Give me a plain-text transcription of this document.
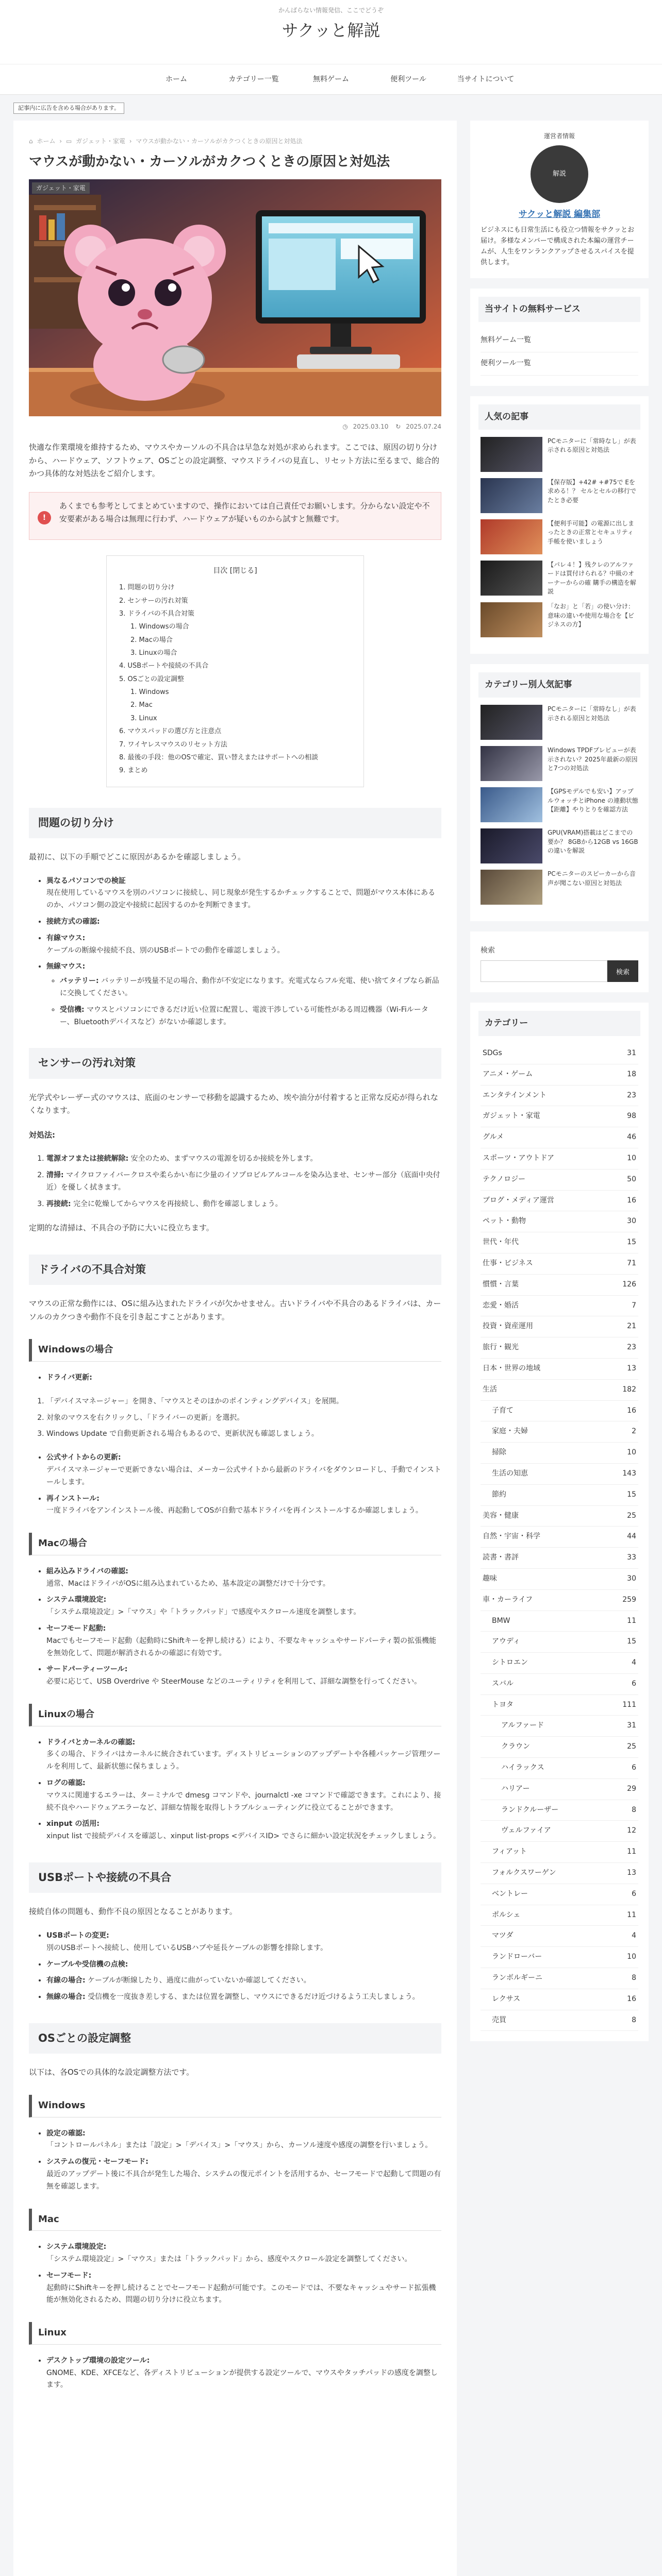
かんばらない情報発信、ここでどうぞ
サクッと解説
ホーム	カテゴリー一覧	無料ゲーム	便利ツール	当サイトについて
記事内に広告を含める場合があります。
⌂ ホーム › ▭ ガジェット・家電 › マウスが動かない・カーソルがカクつくときの原因と対処法
マウスが動かない・カーソルがカクつくときの原因と対処法
ガジェット・家電
◷ 2025.03.10 ↻ 2025.07.24

快適な作業環境を維持するため、マウスやカーソルの不具合は早急な対処が求められます。ここでは、原因の切り分けから、ハードウェア、ソフトウェア、OSごとの設定調整、マウスドライバの見直し、リセット方法に至るまで、総合的かつ具体的な対処法をご紹介します。

!

あくまでも参考としてまとめていますので、操作においては自己責任でお願いします。分からない設定や不安要素がある場合は無理に行わず、ハードウェアが疑いものから試すと無難です。

目次 [閉じる]
1. 問題の切り分け
2. センサーの汚れ対策
3. ドライバの不具合対策
1. Windowsの場合
2. Macの場合
3. Linuxの場合
4. USBポートや接続の不具合
5. OSごとの設定調整
1. Windows
2. Mac
3. Linux
6. マウスパッドの選び方と注意点
7. ワイヤレスマウスのリセット方法
8. 最後の手段：他のOSで確定、買い替えまたはサポートへの相談
9. まとめ
問題の切り分け

最初に、以下の手順でどこに原因があるかを確認しましょう。

• 異なるパソコンでの検証
現在使用しているマウスを別のパソコンに接続し、同じ現象が発生するかチェックすることで、問題がマウス本体にあるのか、パソコン側の設定や接続に起因するのかを判断できます。
• 接続方式の確認:
• 有線マウス:
ケーブルの断線や接続不良、別のUSBポートでの動作を確認しましょう。
• 無線マウス:
◦ バッテリー: バッテリーが残量不足の場合、動作が不安定になります。充電式ならフル充電、使い捨てタイプなら新品に交換してください。
◦ 受信機: マウスとパソコンにできるだけ近い位置に配置し、電波干渉している可能性がある周辺機器（Wi-Fiルーター、Bluetoothデバイスなど）がないか確認します。
センサーの汚れ対策

光学式やレーザー式のマウスは、底面のセンサーで移動を認識するため、埃や油分が付着すると正常な反応が得られなくなります。

対処法:

1. 電源オフまたは接続解除: 安全のため、まずマウスの電源を切るか接続を外します。
2. 清掃: マイクロファイバークロスや柔らかい布に少量のイソプロピルアルコールを染み込ませ、センサー部分（底面中央付近）を優しく拭きます。
3. 再接続: 完全に乾燥してからマウスを再接続し、動作を確認しましょう。

定期的な清掃は、不具合の予防に大いに役立ちます。

ドライバの不具合対策

マウスの正常な動作には、OSに組み込まれたドライバが欠かせません。古いドライバや不具合のあるドライバは、カーソルのカクつきや動作不良を引き起こすことがあります。

Windowsの場合
• ドライバ更新:
1. 「デバイスマネージャー」を開き、「マウスとそのほかのポインティングデバイス」を展開。
2. 対象のマウスを右クリックし、「ドライバーの更新」を選択。
3. Windows Update で自動更新される場合もあるので、更新状況も確認しましょう。
• 公式サイトからの更新:
デバイスマネージャーで更新できない場合は、メーカー公式サイトから最新のドライバをダウンロードし、手動でインストールします。
• 再インストール:
一度ドライバをアンインストール後、再起動してOSが自動で基本ドライバを再インストールするか確認しましょう。
Macの場合
• 組み込みドライバの確認:
通常、MacはドライバがOSに組み込まれているため、基本設定の調整だけで十分です。
• システム環境設定:
「システム環境設定」>「マウス」や「トラックパッド」で感度やスクロール速度を調整します。
• セーフモード起動:
Macでもセーフモード起動（起動時にShiftキーを押し続ける）により、不要なキャッシュやサードパーティ製の拡張機能を無効化して、問題が解消されるかの確認に有効です。
• サードパーティーツール:
必要に応じて、USB Overdrive や SteerMouse などのユーティリティを利用して、詳細な調整を行ってください。
Linuxの場合
• ドライバとカーネルの確認:
多くの場合、ドライバはカーネルに統合されています。ディストリビューションのアップデートや各種パッケージ管理ツールを利用して、最新状態に保ちましょう。
• ログの確認:
マウスに関連するエラーは、ターミナルで dmesg コマンドや、journalctl -xe コマンドで確認できます。これにより、接続不良やハードウェアエラーなど、詳細な情報を取得しトラブルシューティングに役立てることができます。
• xinput の活用:
xinput list で接続デバイスを確認し、xinput list-props <デバイスID> でさらに細かい設定状況をチェックしましょう。
USBポートや接続の不具合

接続自体の問題も、動作不良の原因となることがあります。

• USBポートの変更:
別のUSBポートへ接続し、使用しているUSBハブや延長ケーブルの影響を排除します。
• ケーブルや受信機の点検:
• 有線の場合: ケーブルが断線したり、過度に曲がっていないか確認してください。
• 無線の場合: 受信機を一度抜き差しする、または位置を調整し、マウスにできるだけ近づけるよう工夫しましょう。
OSごとの設定調整

以下は、各OSでの具体的な設定調整方法です。

Windows
• 設定の確認:
「コントロールパネル」または「設定」>「デバイス」>「マウス」から、カーソル速度や感度の調整を行いましょう。
• システムの復元・セーフモード:
最近のアップデート後に不具合が発生した場合、システムの復元ポイントを活用するか、セーフモードで起動して問題の有無を確認します。
Mac
• システム環境設定:
「システム環境設定」>「マウス」または「トラックパッド」から、感度やスクロール設定を調整してください。
• セーフモード:
起動時にShiftキーを押し続けることでセーフモード起動が可能です。このモードでは、不要なキャッシュやサード拡張機能が無効化されるため、問題の切り分けに役立ちます。
Linux
• デスクトップ環境の設定ツール:
GNOME、KDE、XFCEなど、各ディストリビューションが提供する設定ツールで、マウスやタッチパッドの感度を調整します。
運営者情報
解説
サクッと解説 編集部
ビジネスにも日常生活にも役立つ情報をサクッとお届け。多様なメンバーで構成された本編の運営チームが、人生をワンランクアップさせるスパイスを提供します。
当サイトの無料サービス
無料ゲーム一覧
便利ツール一覧
人気の記事
PCモニターに「常時なし」が表示される原因と対処法
【保存版】+42# +#75で Eを求める！？ セルとセルの移行でたとき必要
【便利手可能】の電源に出しまったときの正常とセキュリティ手帳を使いましょう
【パレ４！】残クレのアルファードは買付けられる？中級のオーナーからの確 購手の構造を解説
「なお」と「若」の使い分け：意味の違いや使用な場合を【ビジネスの方】
カテゴリー別人気記事
PCモニターに「常時なし」が表示される原因と対処法
Windows TPDFプレビューが表示されない？2025年最新の原因と7つの対処法
【GPSモデルでも安い】アップルウォッチとiPhone の連動状態【距離】やりとりを確認方法
GPU(VRAM)搭載はどこまでの要か？ 8GBから12GB vs 16GBの違いを解説
PCモニターのスピーカーから音声が聞こない原因と対処法
検索
検索
カテゴリー
SDGs	31
アニメ・ゲーム	18
エンタテインメント	23
ガジェット・家電	98
グルメ	46
スポーツ・アウトドア	10
テクノロジー	50
ブログ・メディア運営	16
ペット・動物	30
世代・年代	15
仕事・ビジネス	71
慣慣・言葉	126
恋愛・婚活	7
投資・資産運用	21
旅行・観光	23
日本・世界の地域	13
生活	182
子育て	16
家庭・夫婦	2
掃除	10
生活の知恵	143
節約	15
美容・健康	25
自然・宇宙・科学	44
読書・書評	33
趣味	30
車・カーライフ	259
BMW	11
アウディ	15
シトロエン	4
スバル	6
トヨタ	111
アルファード	31
クラウン	25
ハイラックス	6
ハリアー	29
ランドクルーザー	8
ヴェルファイア	12
フィアット	11
フォルクスワーゲン	13
ベントレー	6
ポルシェ	11
マツダ	4
ランドローバー	10
ランボルギーニ	8
レクサス	16
売買	8
